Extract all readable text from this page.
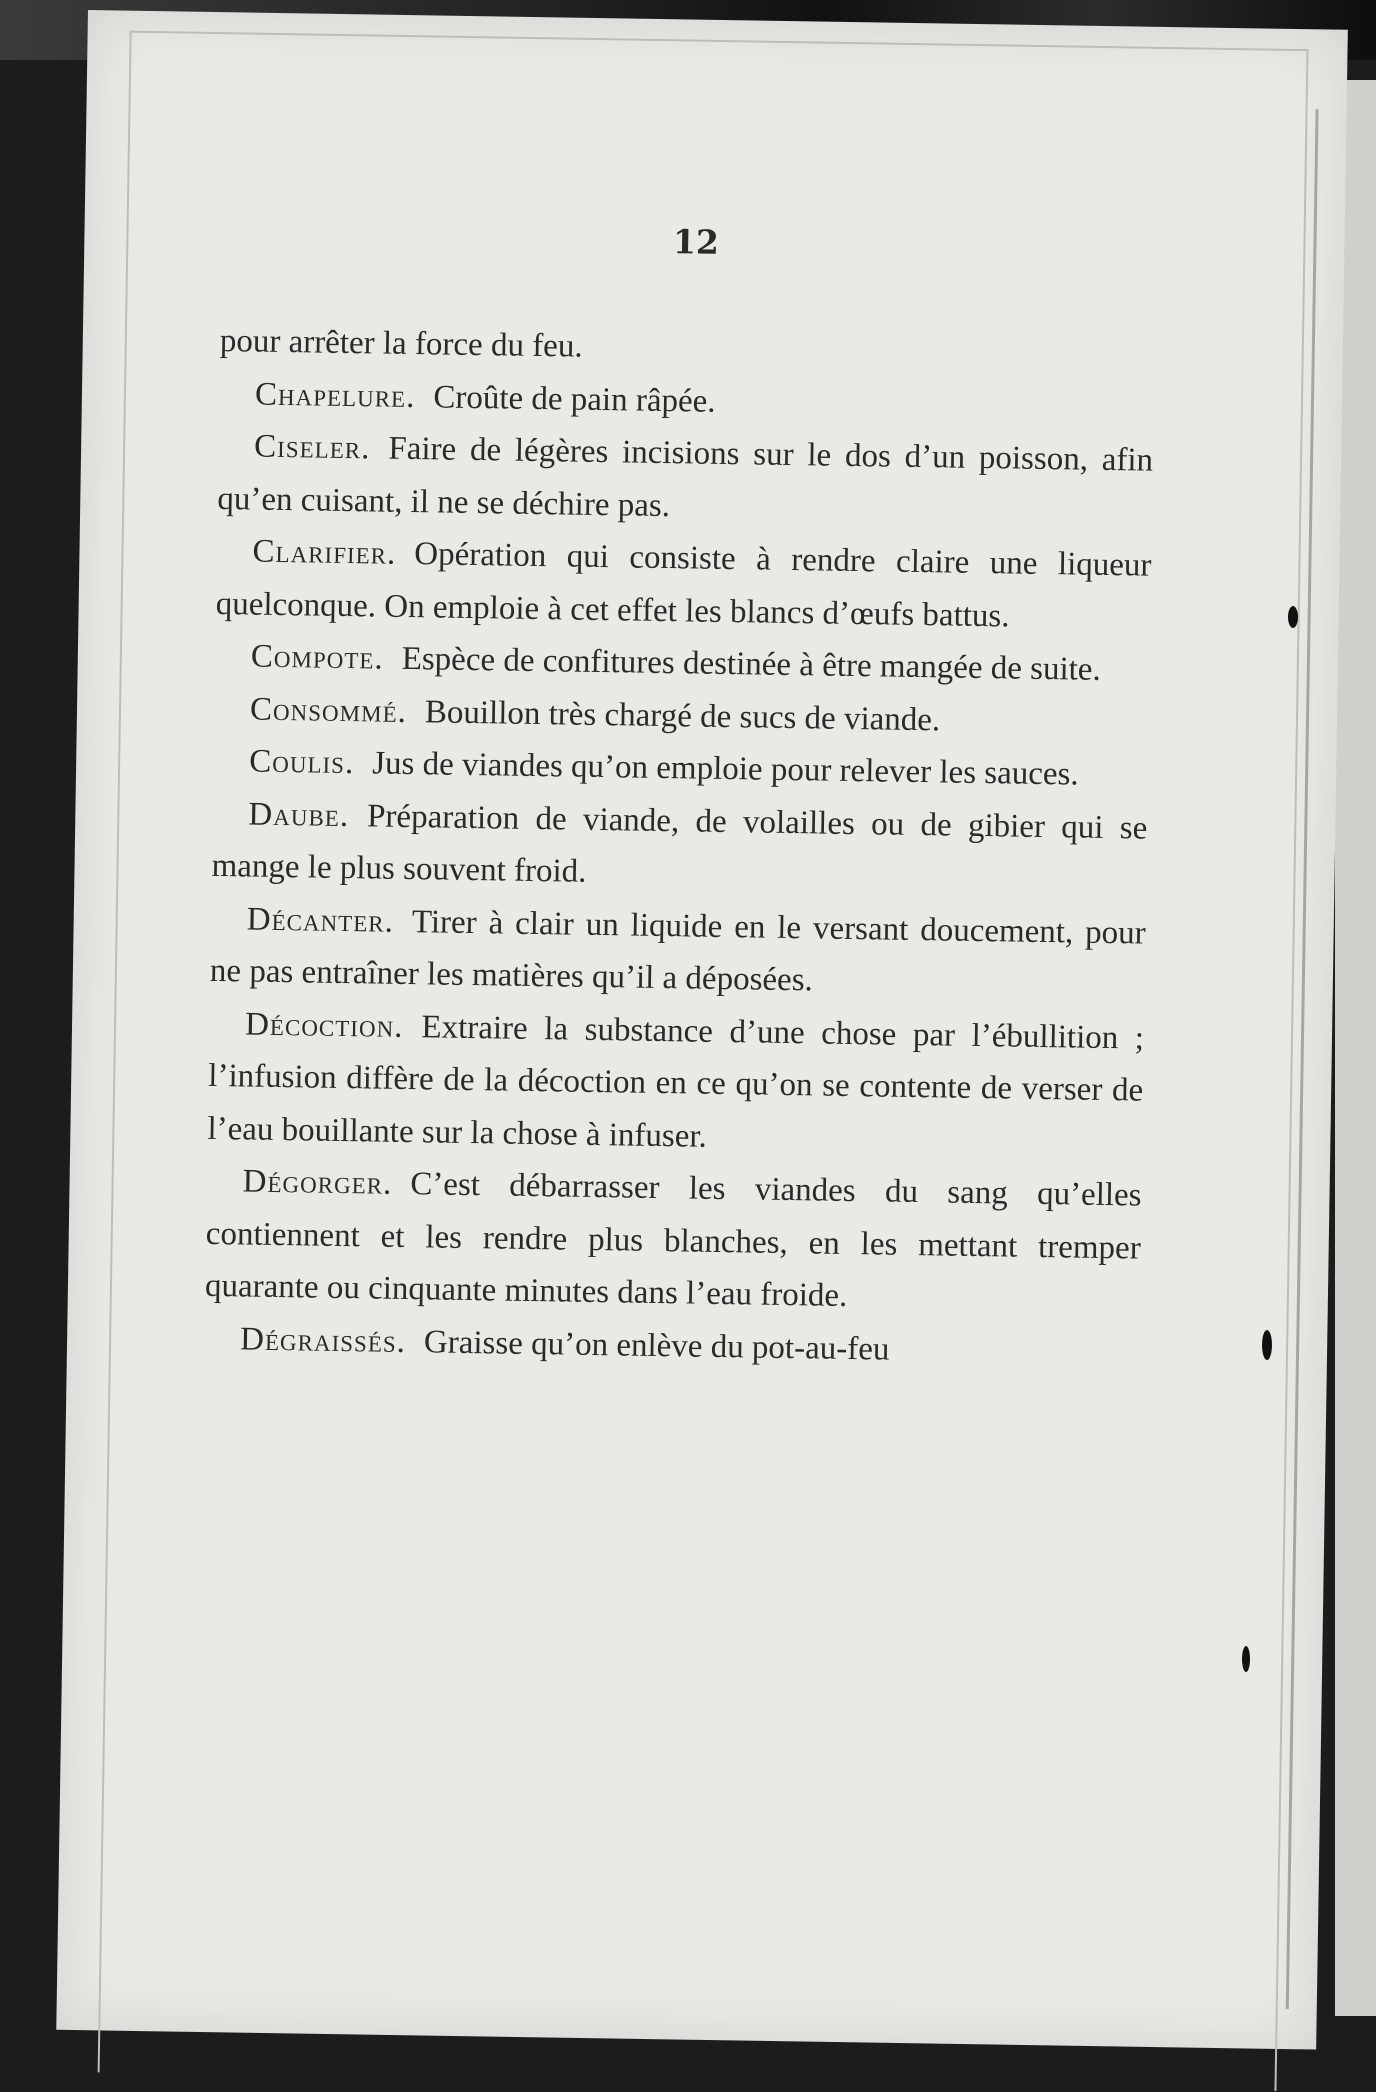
12

pour arrêter la force du feu.

Chapelure. Croûte de pain râpée.

Ciseler. Faire de légères incisions sur le dos d’un poisson, afin qu’en cuisant, il ne se déchire pas.

Clarifier. Opération qui consiste à rendre claire une liqueur quelconque. On emploie à cet effet les blancs d’œufs battus.

Compote. Espèce de confitures destinée à être mangée de suite.

Consommé. Bouillon très chargé de sucs de viande.

Coulis. Jus de viandes qu’on emploie pour relever les sauces.

Daube. Préparation de viande, de volailles ou de gibier qui se mange le plus souvent froid.

Décanter. Tirer à clair un liquide en le versant doucement, pour ne pas entraîner les matières qu’il a déposées.

Décoction. Extraire la substance d’une chose par l’ébullition ; l’infusion diffère de la décoction en ce qu’on se contente de verser de l’eau bouillante sur la chose à infuser.

Dégorger. C’est débarrasser les viandes du sang qu’elles contiennent et les rendre plus blanches, en les mettant tremper quarante ou cinquante minutes dans l’eau froide.

Dégraissés. Graisse qu’on enlève du pot-au-feu
